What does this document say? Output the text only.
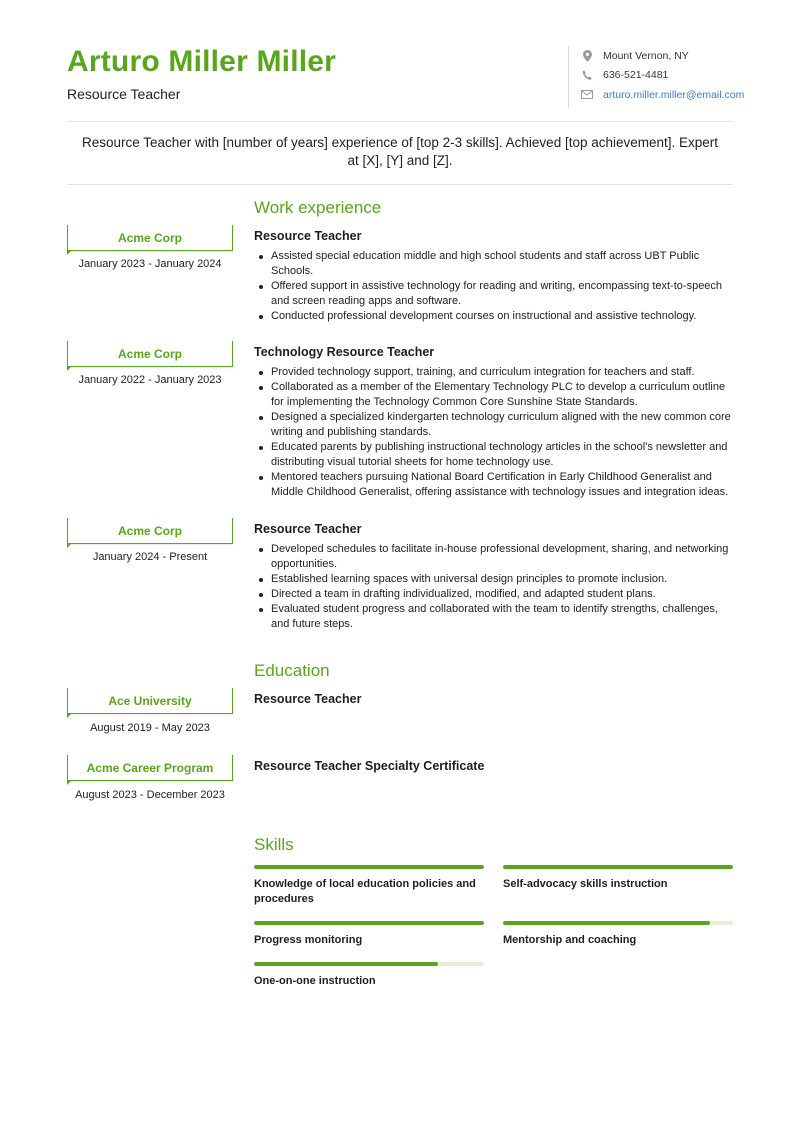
Arturo Miller Miller
Resource Teacher
Mount Vernon, NY
636-521-4481
arturo.miller.miller@email.com
Resource Teacher with [number of years] experience of [top 2-3 skills]. Achieved [top achievement]. Expert at [X], [Y] and [Z].
Work experience
Acme Corp
January 2023 - January 2024
Resource Teacher
Assisted special education middle and high school students and staff across UBT Public Schools.
Offered support in assistive technology for reading and writing, encompassing text-to-speech and screen reading apps and software.
Conducted professional development courses on instructional and assistive technology.
Acme Corp
January 2022 - January 2023
Technology Resource Teacher
Provided technology support, training, and curriculum integration for teachers and staff.
Collaborated as a member of the Elementary Technology PLC to develop a curriculum outline for implementing the Technology Common Core Sunshine State Standards.
Designed a specialized kindergarten technology curriculum aligned with the new common core writing and publishing standards.
Educated parents by publishing instructional technology articles in the school's newsletter and distributing visual tutorial sheets for home technology use.
Mentored teachers pursuing National Board Certification in Early Childhood Generalist and Middle Childhood Generalist, offering assistance with technology issues and integration ideas.
Acme Corp
January 2024 - Present
Resource Teacher
Developed schedules to facilitate in-house professional development, sharing, and networking opportunities.
Established learning spaces with universal design principles to promote inclusion.
Directed a team in drafting individualized, modified, and adapted student plans.
Evaluated student progress and collaborated with the team to identify strengths, challenges, and future steps.
Education
Ace University
August 2019 - May 2023
Resource Teacher
Acme Career Program
August 2023 - December 2023
Resource Teacher Specialty Certificate
Skills
Knowledge of local education policies and procedures
Self-advocacy skills instruction
Progress monitoring	Mentorship and coaching
One-on-one instruction
